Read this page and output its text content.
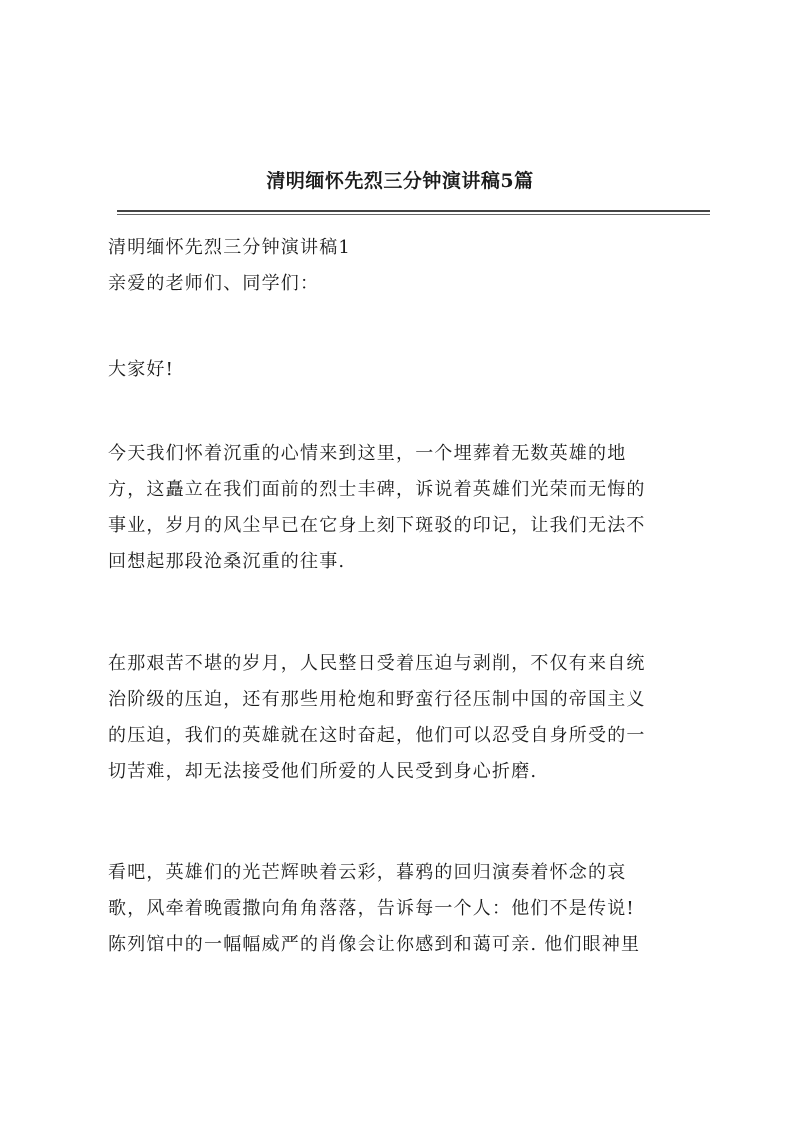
清明缅怀先烈三分钟演讲稿5篇
清明缅怀先烈三分钟演讲稿1
亲爱的老师们、同学们：
大家好!
今天我们怀着沉重的心情来到这里，一个埋葬着无数英雄的地
方，这矗立在我们面前的烈士丰碑，诉说着英雄们光荣而无悔的
事业，岁月的风尘早已在它身上刻下斑驳的印记，让我们无法不
回想起那段沧桑沉重的往事.
在那艰苦不堪的岁月，人民整日受着压迫与剥削，不仅有来自统
治阶级的压迫，还有那些用枪炮和野蛮行径压制中国的帝国主义
的压迫，我们的英雄就在这时奋起，他们可以忍受自身所受的一
切苦难，却无法接受他们所爱的人民受到身心折磨.
看吧，英雄们的光芒辉映着云彩，暮鸦的回归演奏着怀念的哀
歌，风牵着晚霞撒向角角落落，告诉每一个人：他们不是传说!
陈列馆中的一幅幅威严的肖像会让你感到和蔼可亲. 他们眼神里
